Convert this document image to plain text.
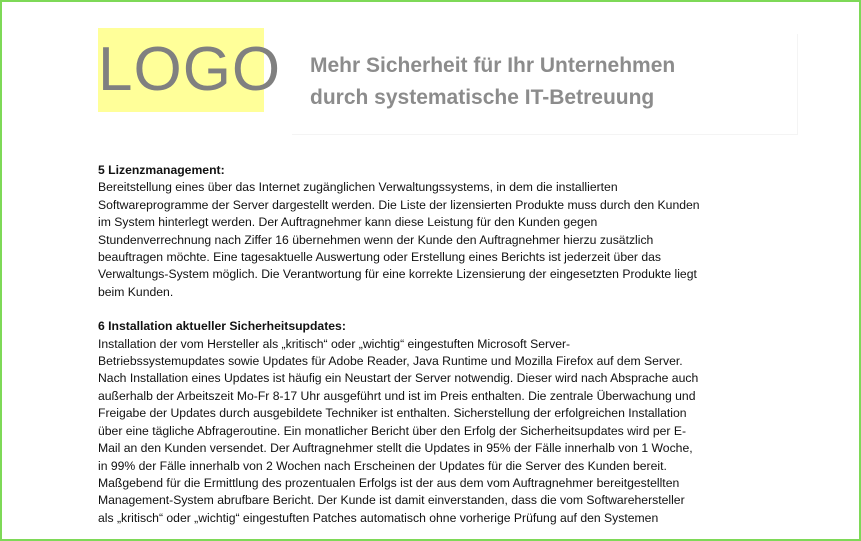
LOGO Mehr Sicherheit für Ihr Unternehmen
durch systematische IT-Betreuung
5 Lizenzmanagement:
Bereitstellung eines über das Internet zugänglichen Verwaltungssystems, in dem die installierten
Softwareprogramme der Server dargestellt werden. Die Liste der lizensierten Produkte muss durch den Kunden
im System hinterlegt werden. Der Auftragnehmer kann diese Leistung für den Kunden gegen
Stundenverrechnung nach Ziffer 16 übernehmen wenn der Kunde den Auftragnehmer hierzu zusätzlich
beauftragen möchte. Eine tagesaktuelle Auswertung oder Erstellung eines Berichts ist jederzeit über das
Verwaltungs-System möglich. Die Verantwortung für eine korrekte Lizensierung der eingesetzten Produkte liegt
beim Kunden.
6 Installation aktueller Sicherheitsupdates:
Installation der vom Hersteller als „kritisch“ oder „wichtig“ eingestuften Microsoft Server-
Betriebssystemupdates sowie Updates für Adobe Reader, Java Runtime und Mozilla Firefox auf dem Server.
Nach Installation eines Updates ist häufig ein Neustart der Server notwendig. Dieser wird nach Absprache auch
außerhalb der Arbeitszeit Mo-Fr 8-17 Uhr ausgeführt und ist im Preis enthalten. Die zentrale Überwachung und
Freigabe der Updates durch ausgebildete Techniker ist enthalten. Sicherstellung der erfolgreichen Installation
über eine tägliche Abfrageroutine. Ein monatlicher Bericht über den Erfolg der Sicherheitsupdates wird per E-
Mail an den Kunden versendet. Der Auftragnehmer stellt die Updates in 95% der Fälle innerhalb von 1 Woche,
in 99% der Fälle innerhalb von 2 Wochen nach Erscheinen der Updates für die Server des Kunden bereit.
Maßgebend für die Ermittlung des prozentualen Erfolgs ist der aus dem vom Auftragnehmer bereitgestellten
Management-System abrufbare Bericht. Der Kunde ist damit einverstanden, dass die vom Softwarehersteller
als „kritisch“ oder „wichtig“ eingestuften Patches automatisch ohne vorherige Prüfung auf den Systemen
